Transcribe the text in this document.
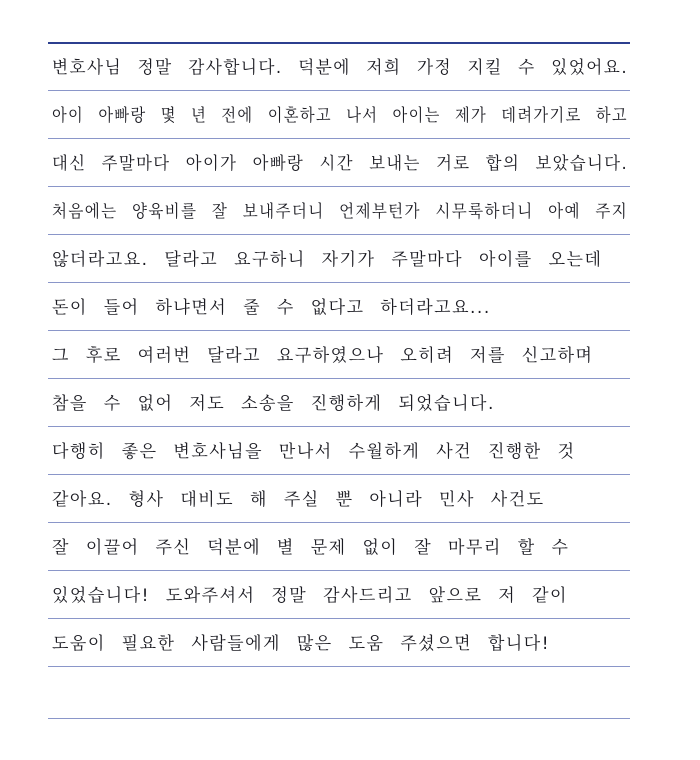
변호사님 정말 감사합니다. 덕분에 저희 가정 지킬 수 있었어요.
아이 아빠랑 몇 년 전에 이혼하고 나서 아이는 제가 데려가기로 하고
대신 주말마다 아이가 아빠랑 시간 보내는 거로 합의 보았습니다.
처음에는 양육비를 잘 보내주더니 언제부턴가 시무룩하더니 아예 주지
않더라고요. 달라고 요구하니 자기가 주말마다 아이를 오는데
돈이 들어 하냐면서 줄 수 없다고 하더라고요...
그 후로 여러번 달라고 요구하였으나 오히려 저를 신고하며
참을 수 없어 저도 소송을 진행하게 되었습니다.
다행히 좋은 변호사님을 만나서 수월하게 사건 진행한 것
같아요. 형사 대비도 해 주실 뿐 아니라 민사 사건도
잘 이끌어 주신 덕분에 별 문제 없이 잘 마무리 할 수
있었습니다! 도와주셔서 정말 감사드리고 앞으로 저 같이
도움이 필요한 사람들에게 많은 도움 주셨으면 합니다!
